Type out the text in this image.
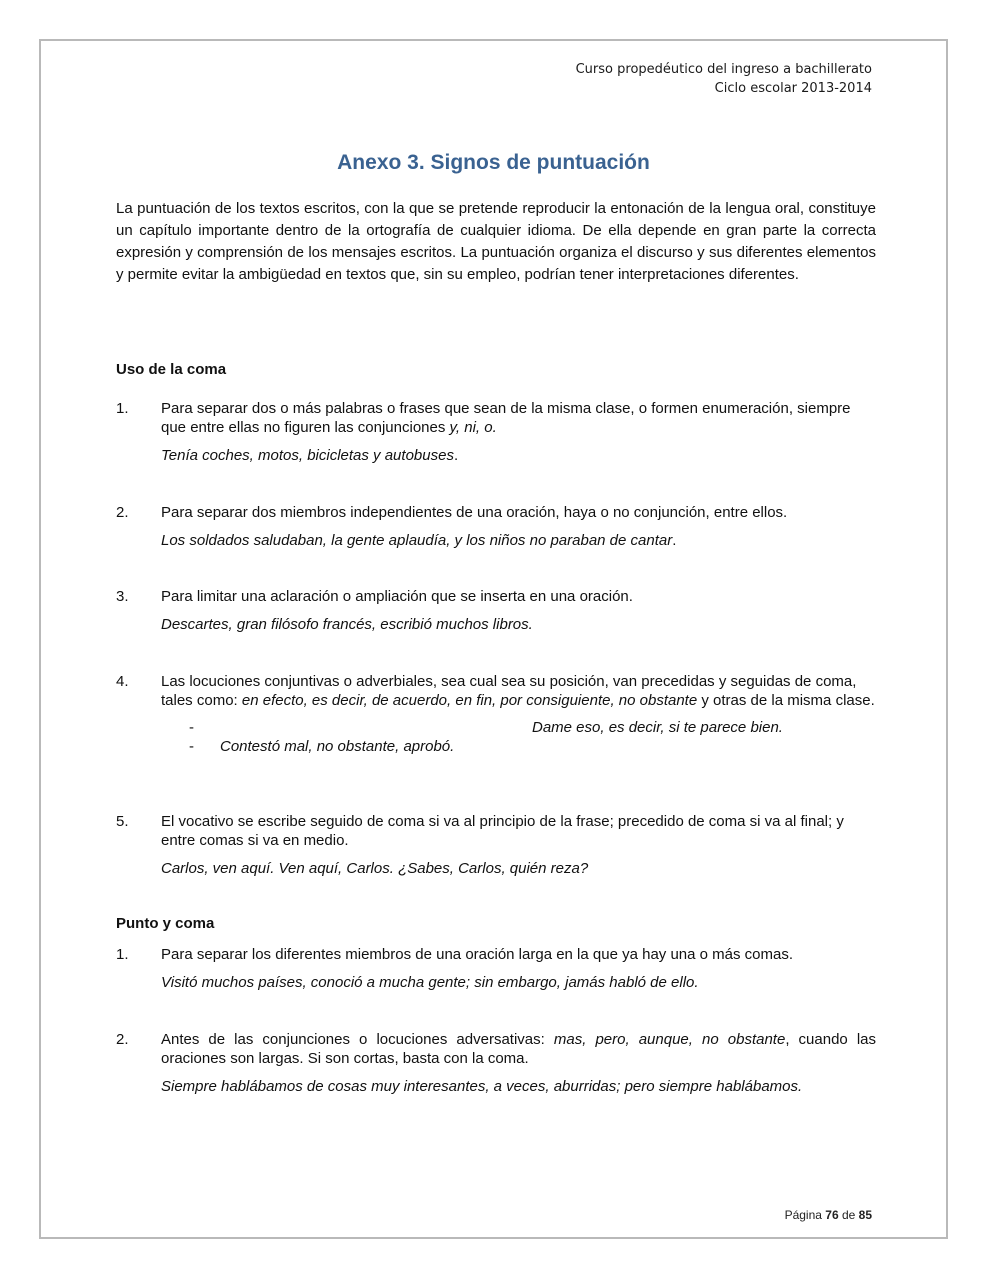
Curso propedéutico del ingreso a bachillerato
Ciclo escolar 2013-2014
Anexo 3. Signos de puntuación
La puntuación de los textos escritos, con la que se pretende reproducir la entonación de la lengua oral, constituye un capítulo importante dentro de la ortografía de cualquier idioma. De ella depende en gran parte la correcta expresión y comprensión de los mensajes escritos. La puntuación organiza el discurso y sus diferentes elementos y permite evitar la ambigüedad en textos que, sin su empleo, podrían tener interpretaciones diferentes.
Uso de la coma
1. Para separar dos o más palabras o frases que sean de la misma clase, o formen enumeración, siempre que entre ellas no figuren las conjunciones y, ni, o.
Tenía coches, motos, bicicletas y autobuses.
2. Para separar dos miembros independientes de una oración, haya o no conjunción, entre ellos.
Los soldados saludaban, la gente aplaudía, y los niños no paraban de cantar.
3. Para limitar una aclaración o ampliación que se inserta en una oración.
Descartes, gran filósofo francés, escribió muchos libros.
4. Las locuciones conjuntivas o adverbiales, sea cual sea su posición, van precedidas y seguidas de coma, tales como: en efecto, es decir, de acuerdo, en fin, por consiguiente, no obstante y otras de la misma clase.
-	Dame eso, es decir, si te parece bien.
- Contestó mal, no obstante, aprobó.
5. El vocativo se escribe seguido de coma si va al principio de la frase; precedido de coma si va al final; y entre comas si va en medio.
Carlos, ven aquí. Ven aquí, Carlos. ¿Sabes, Carlos, quién reza?
Punto y coma
1. Para separar los diferentes miembros de una oración larga en la que ya hay una o más comas.
Visitó muchos países, conoció a mucha gente; sin embargo, jamás habló de ello.
2. Antes de las conjunciones o locuciones adversativas: mas, pero, aunque, no obstante, cuando las oraciones son largas. Si son cortas, basta con la coma.
Siempre hablábamos de cosas muy interesantes, a veces, aburridas; pero siempre hablábamos.
Página 76 de 85
